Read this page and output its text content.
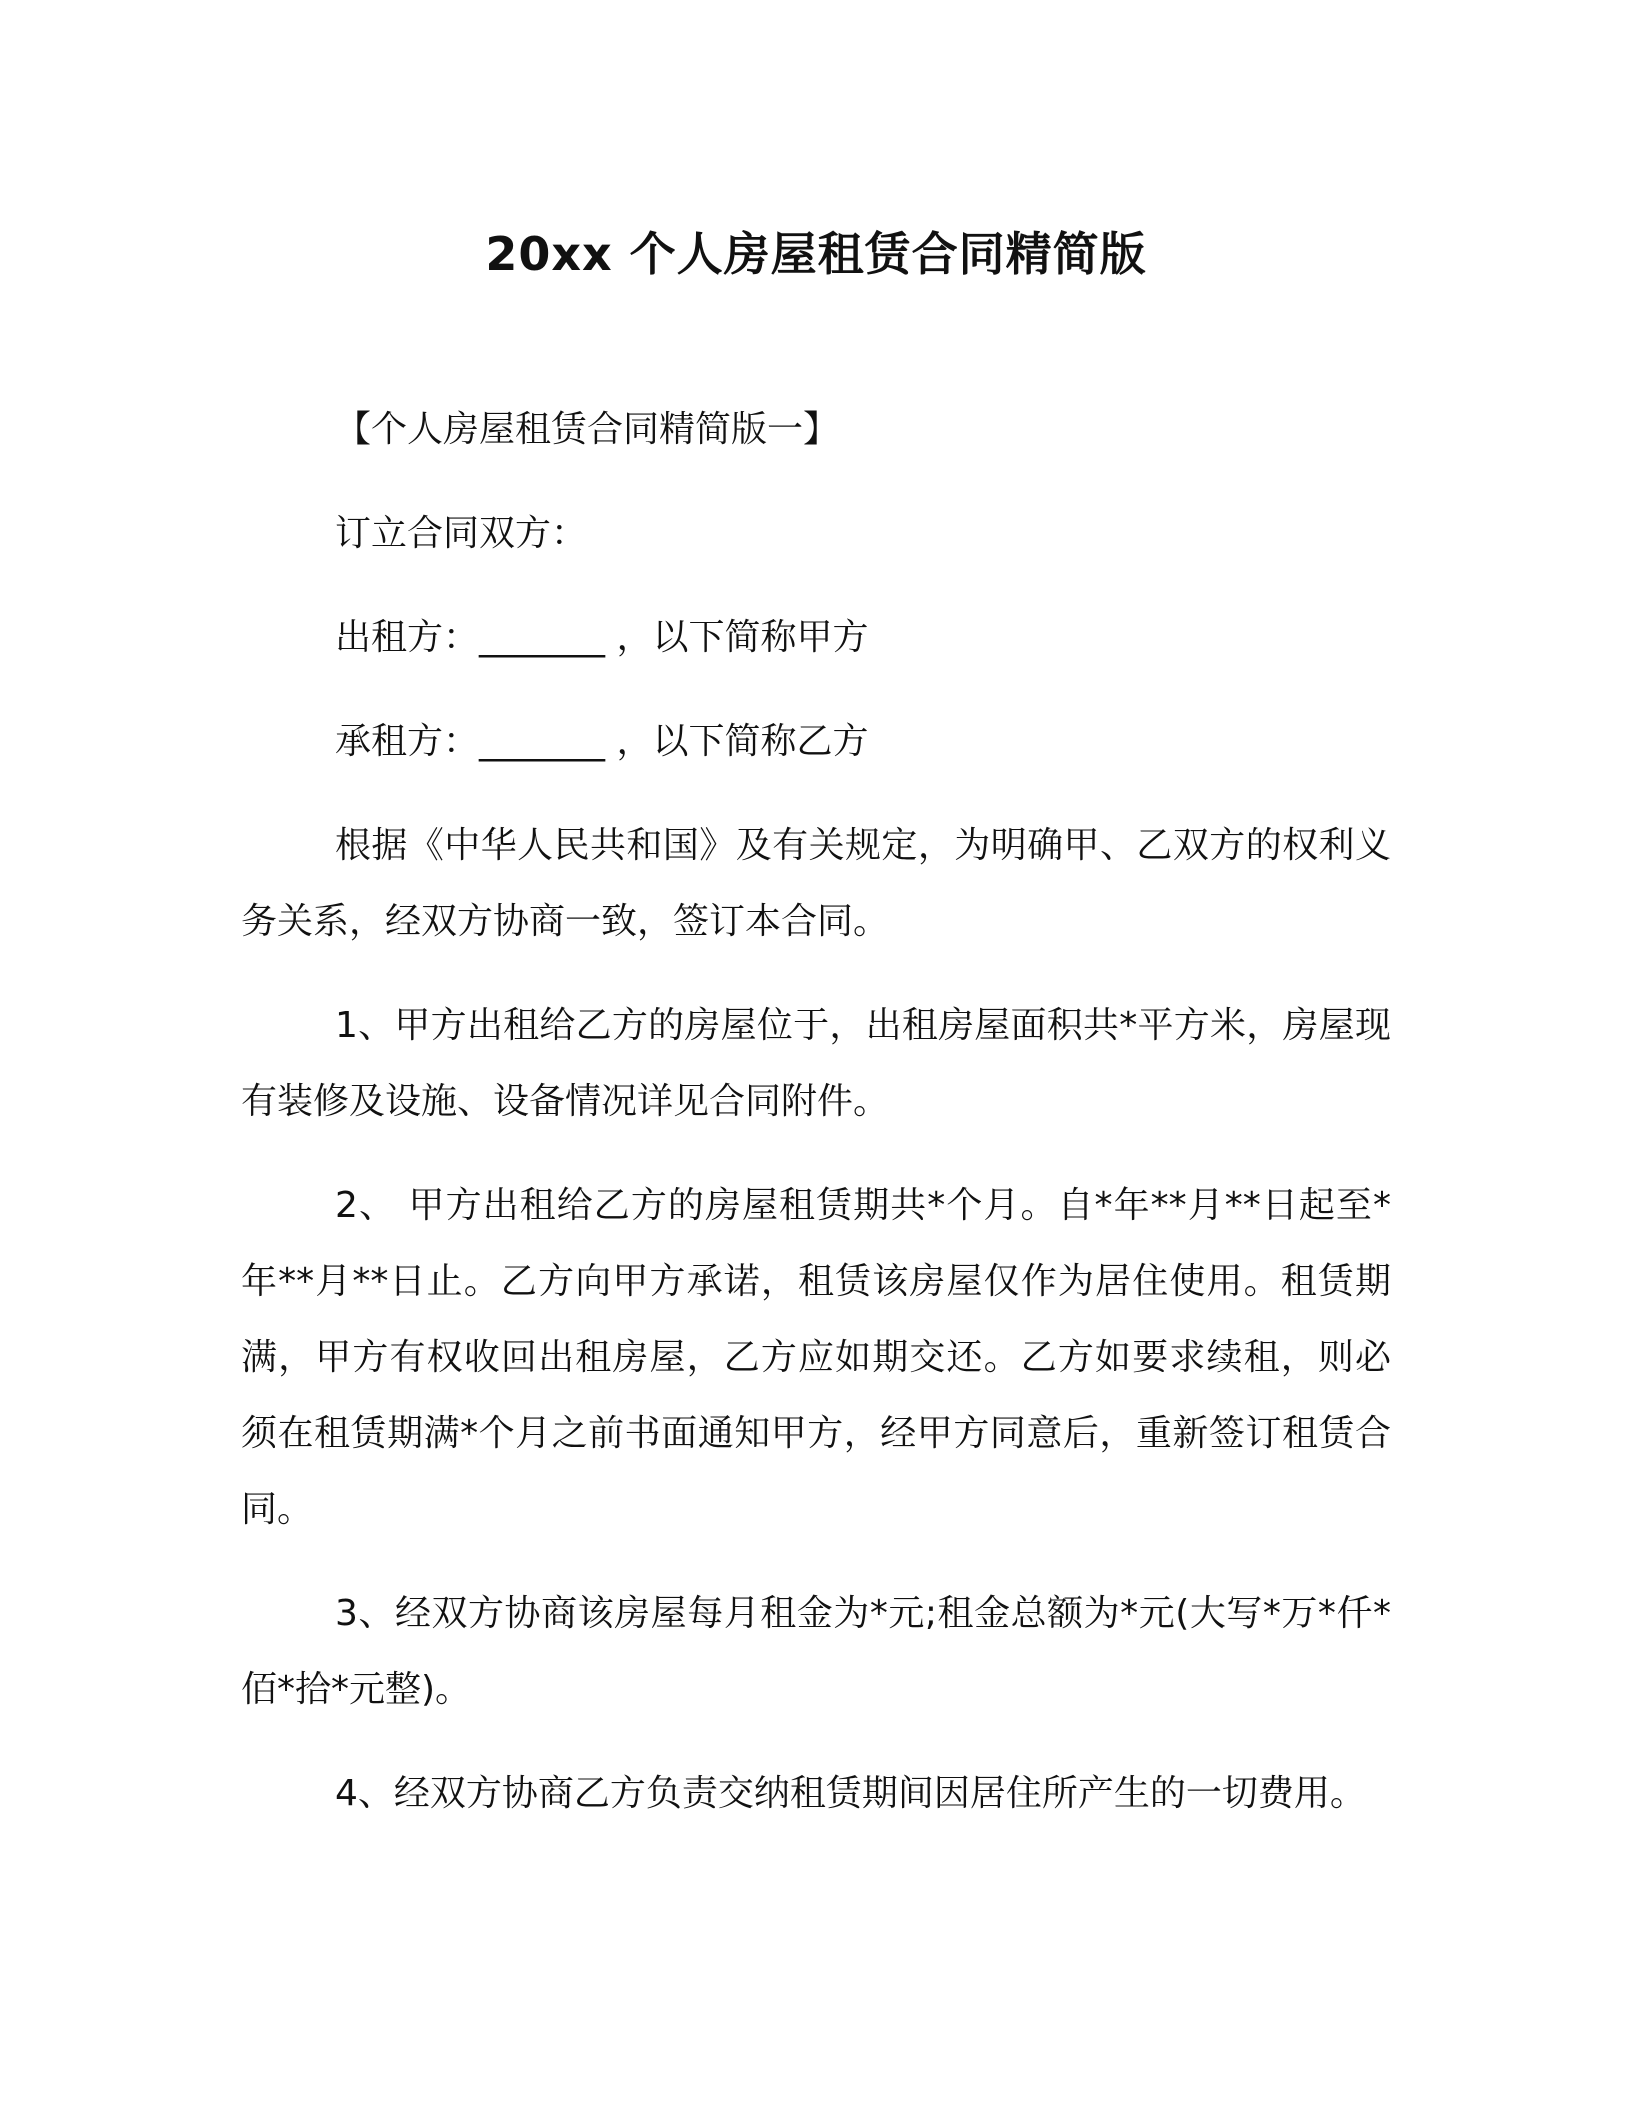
20xx 个人房屋租赁合同精简版

【个人房屋租赁合同精简版一】

订立合同双方：

出租方：_______ ，以下简称甲方

承租方：_______ ，以下简称乙方

根据《中华人民共和国》及有关规定，为明确甲、乙双方的权利义务关系，经双方协商一致，签订本合同。

1、甲方出租给乙方的房屋位于，出租房屋面积共*平方米，房屋现有装修及设施、设备情况详见合同附件。

2、 甲方出租给乙方的房屋租赁期共*个月。自*年**月**日起至*年**月**日止。乙方向甲方承诺，租赁该房屋仅作为居住使用。租赁期满，甲方有权收回出租房屋，乙方应如期交还。乙方如要求续租，则必须在租赁期满*个月之前书面通知甲方，经甲方同意后，重新签订租赁合同。

3、经双方协商该房屋每月租金为*元;租金总额为*元(大写*万*仟*佰*拾*元整)。

4、经双方协商乙方负责交纳租赁期间因居住所产生的一切费用。
